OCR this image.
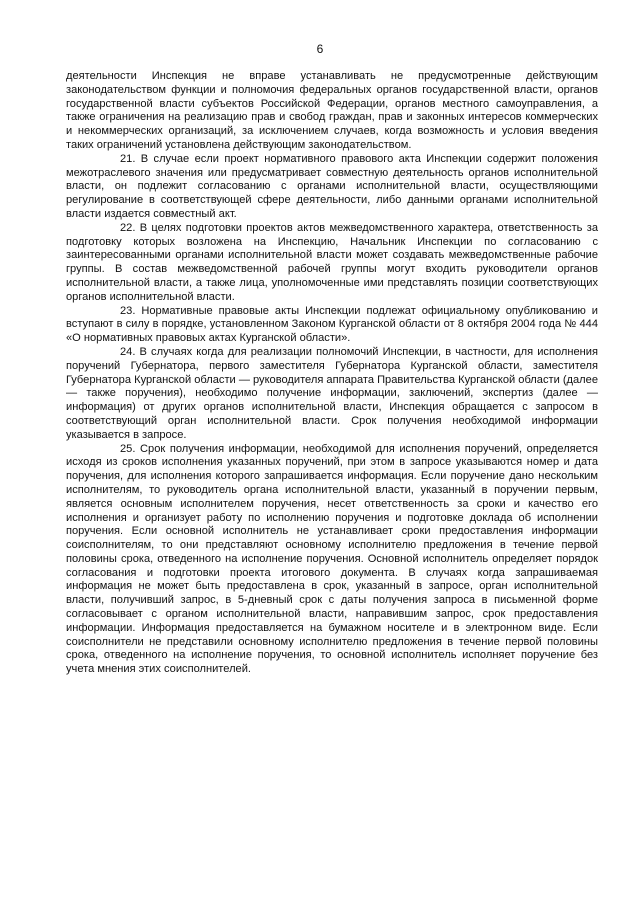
6

деятельности Инспекция не вправе устанавливать не предусмотренные действующим законодательством функции и полномочия федеральных органов государственной власти, органов государственной власти субъектов Российской Федерации, органов местного самоуправления, а также ограничения на реализацию прав и свобод граждан, прав и законных интересов коммерческих и некоммерческих организаций, за исключением случаев, когда возможность и условия введения таких ограничений установлена действующим законодательством.

21. В случае если проект нормативного правового акта Инспекции содержит положения межотраслевого значения или предусматривает совместную деятельность органов исполнительной власти, он подлежит согласованию с органами исполнительной власти, осуществляющими регулирование в соответствующей сфере деятельности, либо данными органами исполнительной власти издается совместный акт.

22. В целях подготовки проектов актов межведомственного характера, ответственность за подготовку которых возложена на Инспекцию, Начальник Инспекции по согласованию с заинтересованными органами исполнительной власти может создавать межведомственные рабочие группы. В состав межведомственной рабочей группы могут входить руководители органов исполнительной власти, а также лица, уполномоченные ими представлять позиции соответствующих органов исполнительной власти.

23. Нормативные правовые акты Инспекции подлежат официальному опубликованию и вступают в силу в порядке, установленном Законом Курганской области от 8 октября 2004 года № 444 «О нормативных правовых актах Курганской области».

24. В случаях когда для реализации полномочий Инспекции, в частности, для исполнения поручений Губернатора, первого заместителя Губернатора Курганской области, заместителя Губернатора Курганской области — руководителя аппарата Правительства Курганской области (далее — также поручения), необходимо получение информации, заключений, экспертиз (далее — информация) от других органов исполнительной власти, Инспекция обращается с запросом в соответствующий орган исполнительной власти. Срок получения необходимой информации указывается в запросе.

25. Срок получения информации, необходимой для исполнения поручений, определяется исходя из сроков исполнения указанных поручений, при этом в запросе указываются номер и дата поручения, для исполнения которого запрашивается информация. Если поручение дано нескольким исполнителям, то руководитель органа исполнительной власти, указанный в поручении первым, является основным исполнителем поручения, несет ответственность за сроки и качество его исполнения и организует работу по исполнению поручения и подготовке доклада об исполнении поручения. Если основной исполнитель не устанавливает сроки предоставления информации соисполнителям, то они представляют основному исполнителю предложения в течение первой половины срока, отведенного на исполнение поручения. Основной исполнитель определяет порядок согласования и подготовки проекта итогового документа. В случаях когда запрашиваемая информация не может быть предоставлена в срок, указанный в запросе, орган исполнительной власти, получивший запрос, в 5-дневный срок с даты получения запроса в письменной форме согласовывает с органом исполнительной власти, направившим запрос, срок предоставления информации. Информация предоставляется на бумажном носителе и в электронном виде. Если соисполнители не представили основному исполнителю предложения в течение первой половины срока, отведенного на исполнение поручения, то основной исполнитель исполняет поручение без учета мнения этих соисполнителей.
